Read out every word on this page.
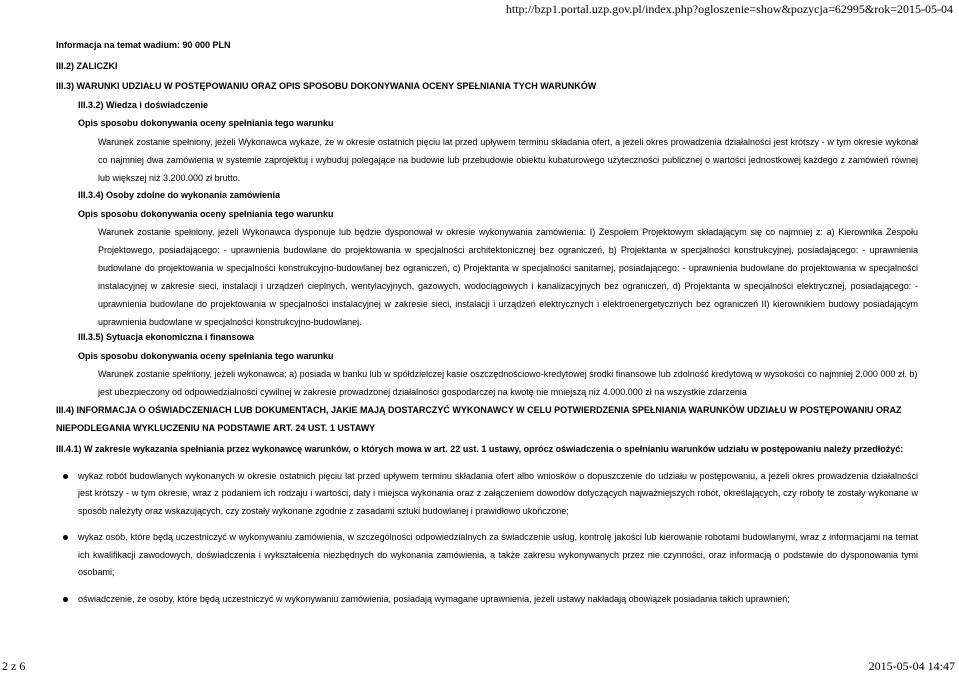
http://bzp1.portal.uzp.gov.pl/index.php?ogloszenie=show&pozycja=62995&rok=2015-05-04
Informacja na temat wadium: 90 000 PLN
III.2) ZALICZKI
III.3) WARUNKI UDZIAŁU W POSTĘPOWANIU ORAZ OPIS SPOSOBU DOKONYWANIA OCENY SPEŁNIANIA TYCH WARUNKÓW
III.3.2) Wiedza i doświadczenie
Opis sposobu dokonywania oceny spełniania tego warunku
Warunek zostanie spełniony, jeżeli Wykonawca wykaże, że w okresie ostatnich pięciu lat przed upływem terminu składania ofert, a jeżeli okres prowadzenia działalności jest krótszy - w tym okresie wykonał co najmniej dwa zamówienia w systemie zaprojektuj i wybuduj polegające na budowie lub przebudowie obiektu kubaturowego użyteczności publicznej o wartości jednostkowej każdego z zamówień równej lub większej niż 3.200.000 zł brutto.
III.3.4) Osoby zdolne do wykonania zamówienia
Opis sposobu dokonywania oceny spełniania tego warunku
Warunek zostanie spełniony, jeżeli Wykonawca dysponuje lub będzie dysponował w okresie wykonywania zamówienia: I) Zespołem Projektowym składającym się co najmniej z: a) Kierownika Zespołu Projektowego, posiadającego: - uprawnienia budowlane do projektowania w specjalności architektonicznej bez ograniczeń, b) Projektanta w specjalności konstrukcyjnej, posiadającego: - uprawnienia budowlane do projektowania w specjalności konstrukcyjno-budowlanej bez ograniczeń, c) Projektanta w specjalności sanitarnej, posiadającego: - uprawnienia budowlane do projektowania w specjalności instalacyjnej w zakresie sieci, instalacji i urządzeń cieplnych, wentylacyjnych, gazowych, wodociągowych i kanalizacyjnych bez ograniczeń, d) Projektanta w specjalności elektrycznej, posiadającego: - uprawnienia budowlane do projektowania w specjalności instalacyjnej w zakresie sieci, instalacji i urządzeń elektrycznych i elektroenergetycznych bez ograniczeń II) kierownikiem budowy posiadającym uprawnienia budowlane w specjalności konstrukcyjno-budowlanej.
III.3.5) Sytuacja ekonomiczna i finansowa
Opis sposobu dokonywania oceny spełniania tego warunku
Warunek zostanie spełniony, jeżeli wykonawca; a) posiada w banku lub w spółdzielczej kasie oszczędnościowo-kredytowej środki finansowe lub zdolność kredytową w wysokości co najmniej 2.000 000 zł. b) jest ubezpieczony od odpowiedzialności cywilnej w zakresie prowadzonej działalności gospodarczej na kwotę nie mniejszą niż 4.000.000 zł na wszystkie zdarzenia
III.4) INFORMACJA O OŚWIADCZENIACH LUB DOKUMENTACH, JAKIE MAJĄ DOSTARCZYĆ WYKONAWCY W CELU POTWIERDZENIA SPEŁNIANIA WARUNKÓW UDZIAŁU W POSTĘPOWANIU ORAZ NIEPODLEGANIA WYKLUCZENIU NA PODSTAWIE ART. 24 UST. 1 USTAWY
III.4.1) W zakresie wykazania spełniania przez wykonawcę warunków, o których mowa w art. 22 ust. 1 ustawy, oprócz oświadczenia o spełnianiu warunków udziału w postępowaniu należy przedłożyć:
wykaz robót budowlanych wykonanych w okresie ostatnich pięciu lat przed upływem terminu składania ofert albo wniosków o dopuszczenie do udziału w postępowaniu, a jeżeli okres prowadzenia działalności jest krótszy - w tym okresie, wraz z podaniem ich rodzaju i wartości, daty i miejsca wykonania oraz z załączeniem dowodów dotyczących najważniejszych robót, określających, czy roboty te zostały wykonane w sposób należyty oraz wskazujących, czy zostały wykonane zgodnie z zasadami sztuki budowlanej i prawidłowo ukończone;
wykaz osób, które będą uczestniczyć w wykonywaniu zamówienia, w szczególności odpowiedzialnych za świadczenie usług, kontrolę jakości lub kierowanie robotami budowlanymi, wraz z informacjami na temat ich kwalifikacji zawodowych, doświadczenia i wykształcenia niezbędnych do wykonania zamówienia, a także zakresu wykonywanych przez nie czynności, oraz informacją o podstawie do dysponowania tymi osobami;
oświadczenie, że osoby, które będą uczestniczyć w wykonywaniu zamówienia, posiadają wymagane uprawnienia, jeżeli ustawy nakładają obowiązek posiadania takich uprawnień;
2 z 6	2015-05-04 14:47
